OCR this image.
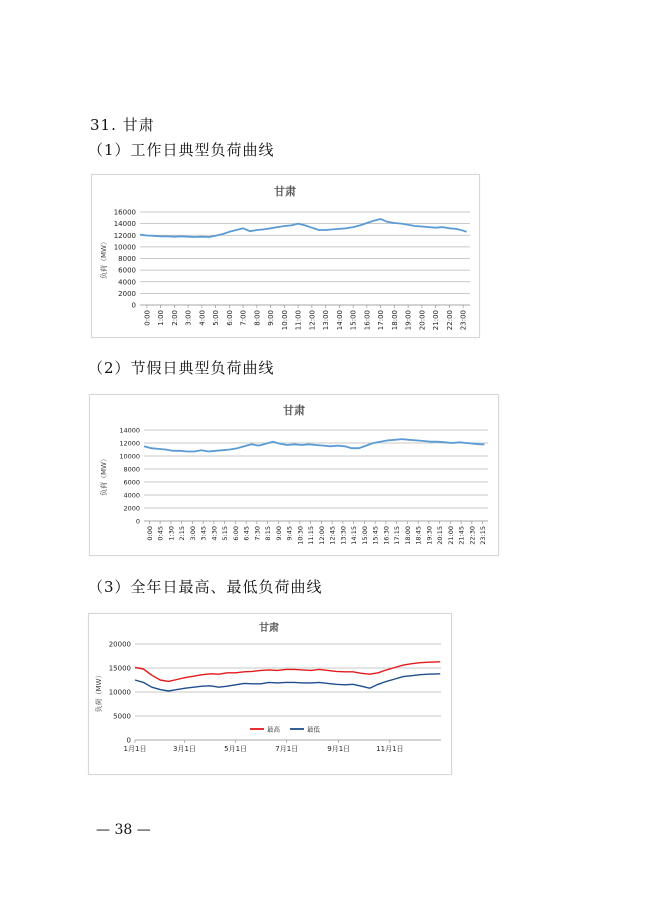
31. 甘肃
（1）工作日典型负荷曲线
甘肃
0
2000
4000
6000
8000
10000
12000
14000
16000
负荷（MW）
0:00 1:00 2:00 3:00 4:00 5:00 6:00 7:00 8:00 9:00 10:00 11:00 12:00 13:00 14:00 15:00 16:00 17:00 18:00 19:00 20:00 21:00 22:00 23:00
（2）节假日典型负荷曲线
甘肃
0
2000
4000
6000
8000
10000
12000
14000
负荷（MW）
0:00 0:45 1:30 2:15 3:00 3:45 4:30 5:15 6:00 6:45 7:30 8:15 9:00 9:45 10:30 11:15 12:00 12:45 13:30 14:15 15:00 15:45 16:30 17:15 18:00 18:45 19:30 20:15 21:00 21:45 22:30 23:15
（3）全年日最高、最低负荷曲线
甘肃
0
5000
10000
15000
20000
负荷（MW）
1月1日	3月1日	5月1日	7月1日	9月1日	11月1日
最高	最低
— 38 —
